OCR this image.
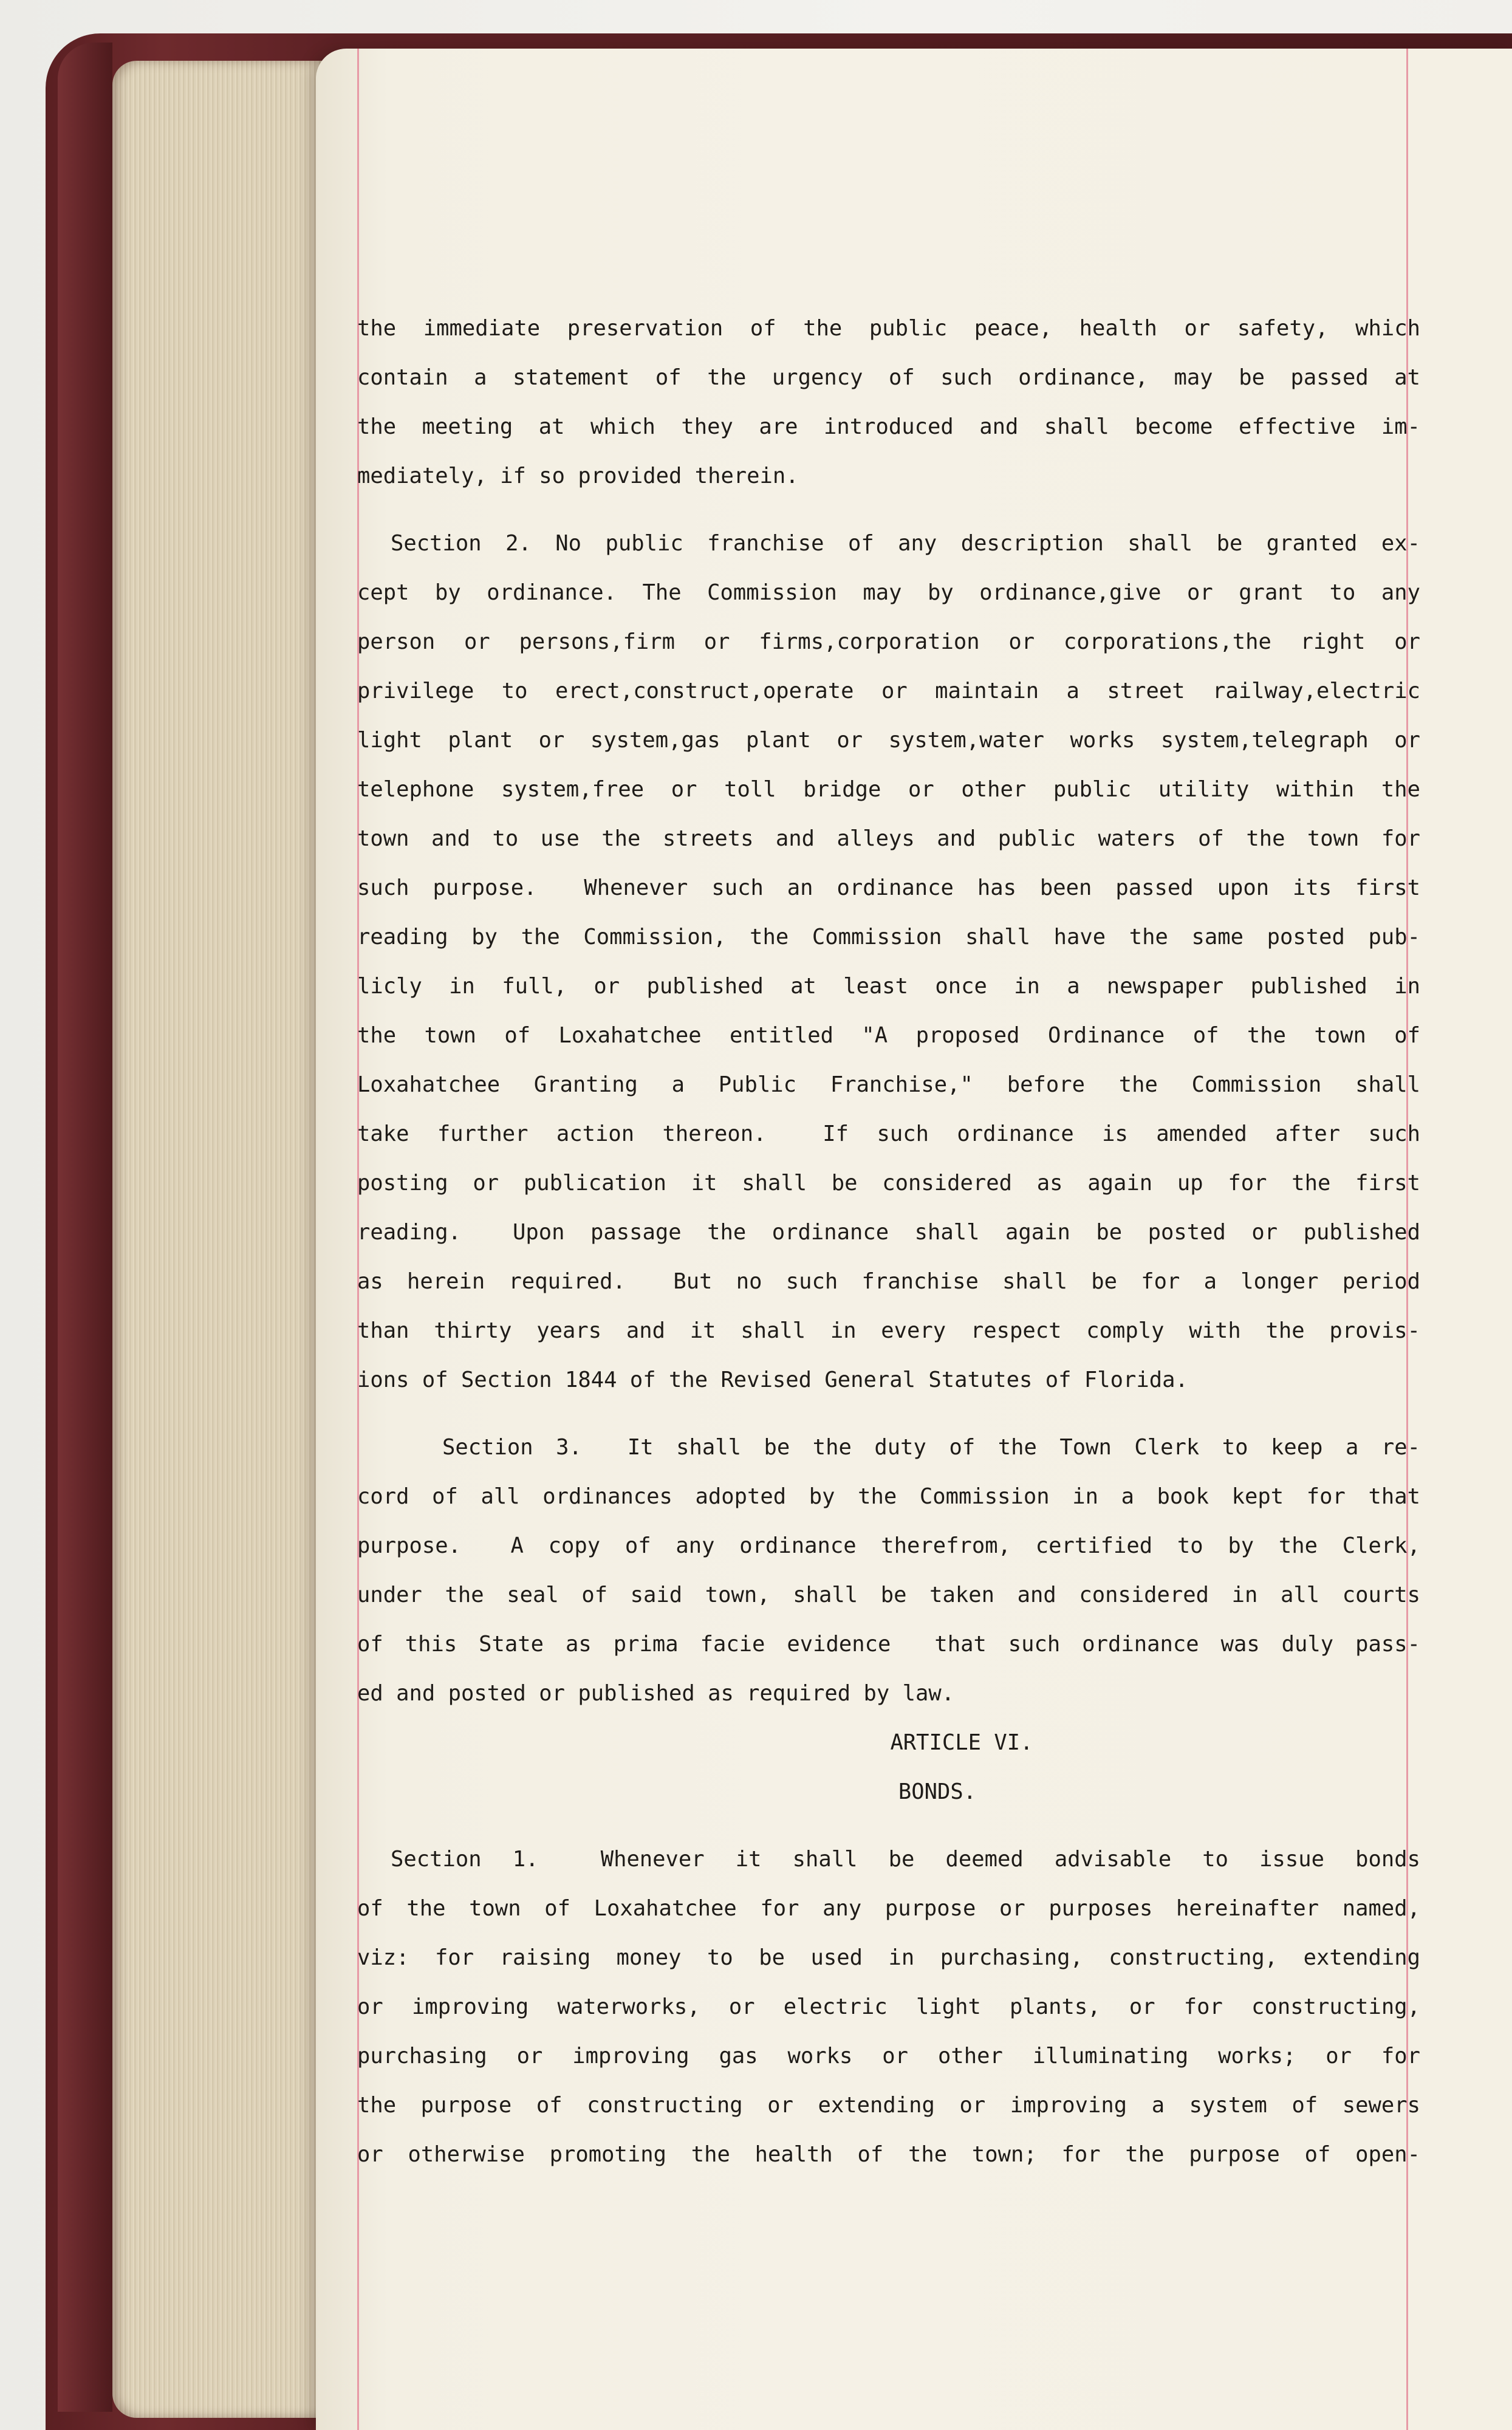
the immediate preservation of the public peace, health or safety, which
contain a statement of the urgency of such ordinance, may be passed at
the meeting at which they are introduced and shall become effective im-
mediately, if so provided therein.
Section 2. No public franchise of any description shall be granted ex-
cept by ordinance. The Commission may by ordinance,give or grant to any
person or persons,firm or firms,corporation or corporations,the right or
privilege to erect,construct,operate or maintain a street railway,electric
light plant or system,gas plant or system,water works system,telegraph or
telephone system,free or toll bridge or other public utility within the
town and to use the streets and alleys and public waters of the town for
such purpose.  Whenever such an ordinance has been passed upon its first
reading by the Commission, the Commission shall have the same posted pub-
licly in full, or published at least once in a newspaper published in
the town of Loxahatchee entitled "A proposed Ordinance of the town of
Loxahatchee Granting a Public Franchise," before the Commission shall
take further action thereon.  If such ordinance is amended after such
posting or publication it shall be considered as again up for the first
reading.  Upon passage the ordinance shall again be posted or published
as herein required.  But no such franchise shall be for a longer period
than thirty years and it shall in every respect comply with the provis-
ions of Section 1844 of the Revised General Statutes of Florida.
Section 3.  It shall be the duty of the Town Clerk to keep a re-
cord of all ordinances adopted by the Commission in a book kept for that
purpose.  A copy of any ordinance therefrom, certified to by the Clerk,
under the seal of said town, shall be taken and considered in all courts
of this State as prima facie evidence  that such ordinance was duly pass-
ed and posted or published as required by law.
ARTICLE VI.
BONDS.
Section 1.  Whenever it shall be deemed advisable to issue bonds
of the town of Loxahatchee for any purpose or purposes hereinafter named,
viz: for raising money to be used in purchasing, constructing, extending
or improving waterworks, or electric light plants, or for constructing,
purchasing or improving gas works or other illuminating works; or for
the purpose of constructing or extending or improving a system of sewers
or otherwise promoting the health of the town; for the purpose of open-
